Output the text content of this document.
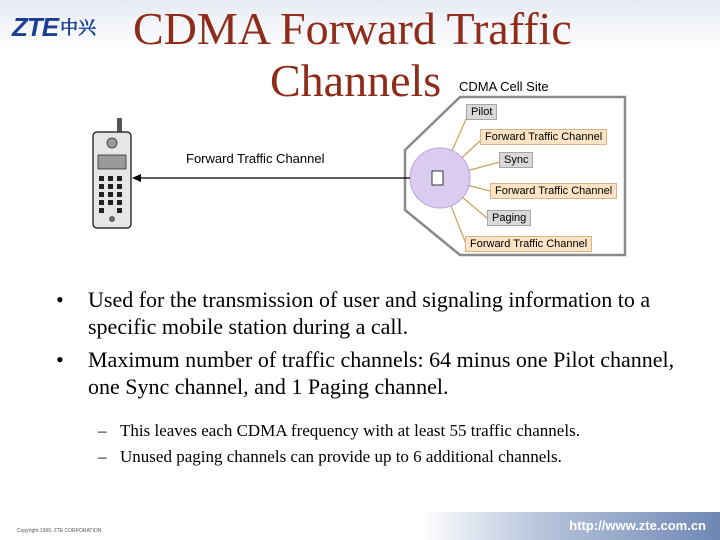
ZTE 中兴 CDMA Forward Traffic
Channels CDMA Cell Site
Forward Traffic Channel
Pilot
Forward Traffic Channel
Sync
Forward Traffic Channel
Paging
Forward Traffic Channel
• Used for the transmission of user and signaling information to a specific mobile station during a call.
• Maximum number of traffic channels: 64 minus one Pilot channel, one Sync channel, and 1 Paging channel.
– This leaves each CDMA frequency with at least 55 traffic channels.
– Unused paging channels can provide up to 6 additional channels.
Copyright 1999, ZTE CORPORATION	http://www.zte.com.cn
